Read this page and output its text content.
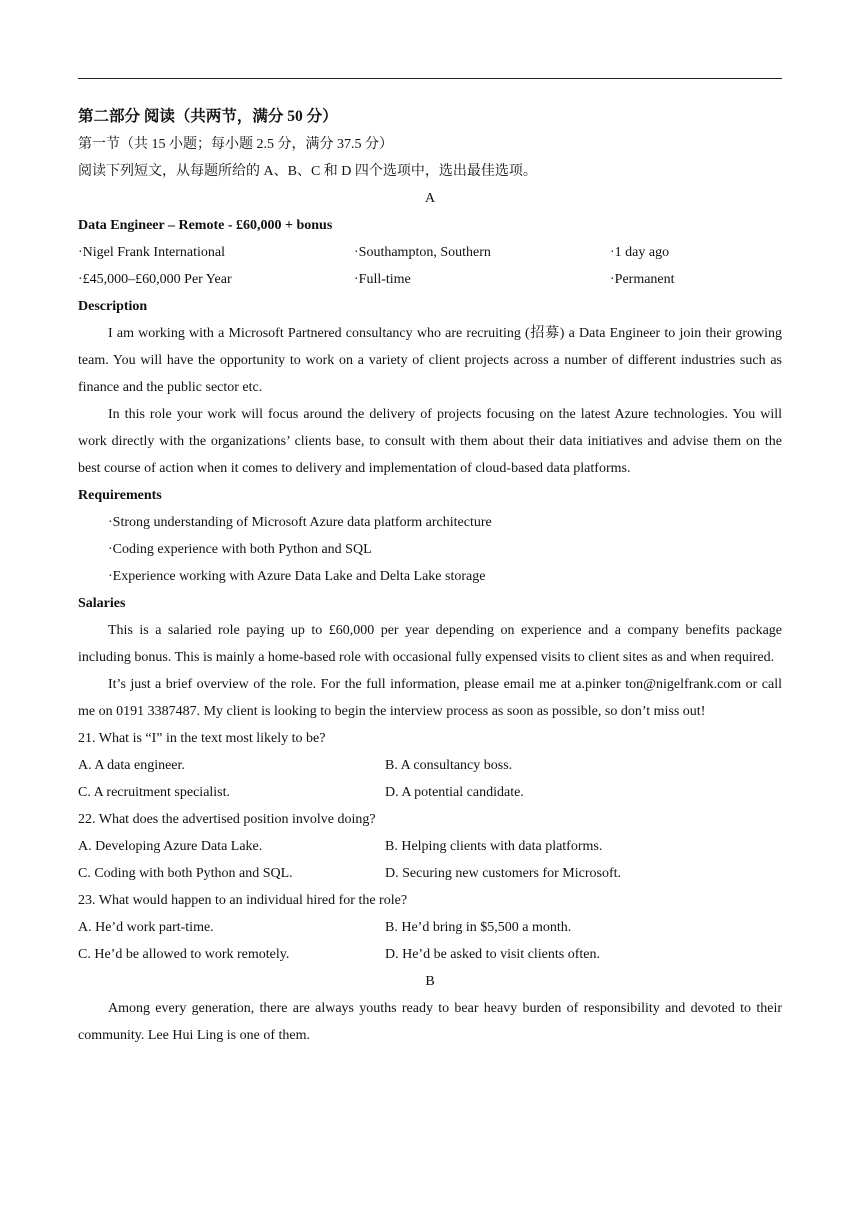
第二部分 阅读（共两节，满分 50 分）
第一节（共 15 小题；每小题 2.5 分，满分 37.5 分）
阅读下列短文，从每题所给的 A、B、C 和 D 四个选项中，选出最佳选项。
A
Data Engineer – Remote - £60,000 + bonus
·Nigel Frank International	·Southampton, Southern	·1 day ago
·£45,000–£60,000 Per Year	·Full-time	·Permanent
Description
I am working with a Microsoft Partnered consultancy who are recruiting (招募) a Data Engineer to join their growing team. You will have the opportunity to work on a variety of client projects across a number of different industries such as finance and the public sector etc.
In this role your work will focus around the delivery of projects focusing on the latest Azure technologies. You will work directly with the organizations’ clients base, to consult with them about their data initiatives and advise them on the best course of action when it comes to delivery and implementation of cloud-based data platforms.
Requirements
·Strong understanding of Microsoft Azure data platform architecture
·Coding experience with both Python and SQL
·Experience working with Azure Data Lake and Delta Lake storage
Salaries
This is a salaried role paying up to £60,000 per year depending on experience and a company benefits package including bonus. This is mainly a home-based role with occasional fully expensed visits to client sites as and when required.
It’s just a brief overview of the role. For the full information, please email me at a.pinker ton@nigelfrank.com or call me on 0191 3387487. My client is looking to begin the interview process as soon as possible, so don’t miss out!
21. What is “I” in the text most likely to be?
A. A data engineer.	B. A consultancy boss.
C. A recruitment specialist.	D. A potential candidate.
22. What does the advertised position involve doing?
A. Developing Azure Data Lake.	B. Helping clients with data platforms.
C. Coding with both Python and SQL.	D. Securing new customers for Microsoft.
23. What would happen to an individual hired for the role?
A. He’d work part-time.	B. He’d bring in $5,500 a month.
C. He’d be allowed to work remotely.	D. He’d be asked to visit clients often.
B
Among every generation, there are always youths ready to bear heavy burden of responsibility and devoted to their community. Lee Hui Ling is one of them.
